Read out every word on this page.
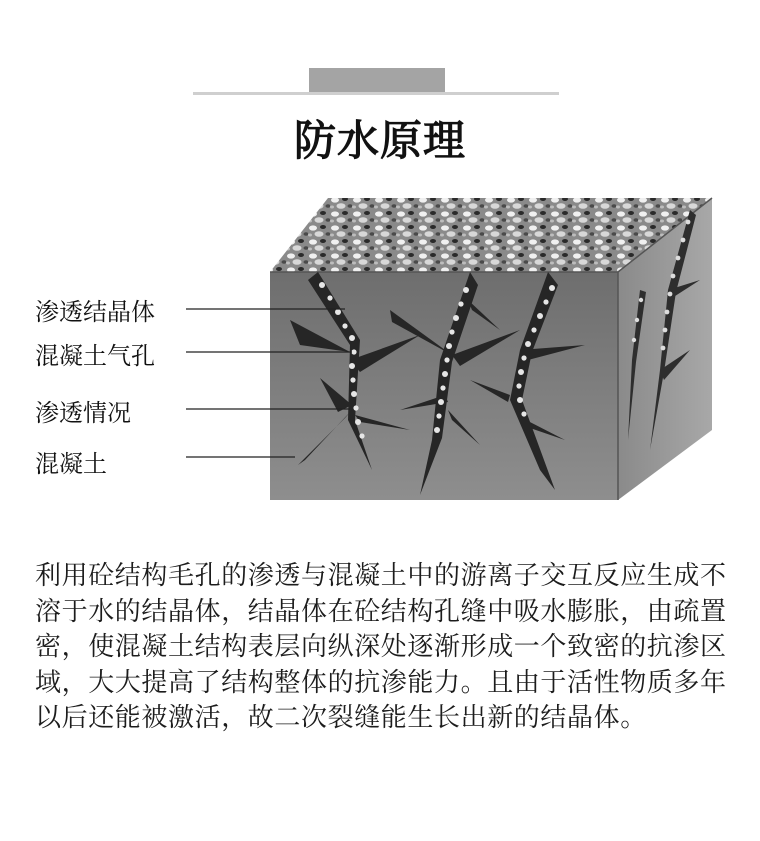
防水原理
渗透结晶体
混凝土气孔
渗透情况
混凝土
利用砼结构毛孔的渗透与混凝土中的游离子交互反应生成不溶于水的结晶体，结晶体在砼结构孔缝中吸水膨胀，由疏置密，使混凝土结构表层向纵深处逐渐形成一个致密的抗渗区域，大大提高了结构整体的抗渗能力。且由于活性物质多年以后还能被激活，故二次裂缝能生长出新的结晶体。
